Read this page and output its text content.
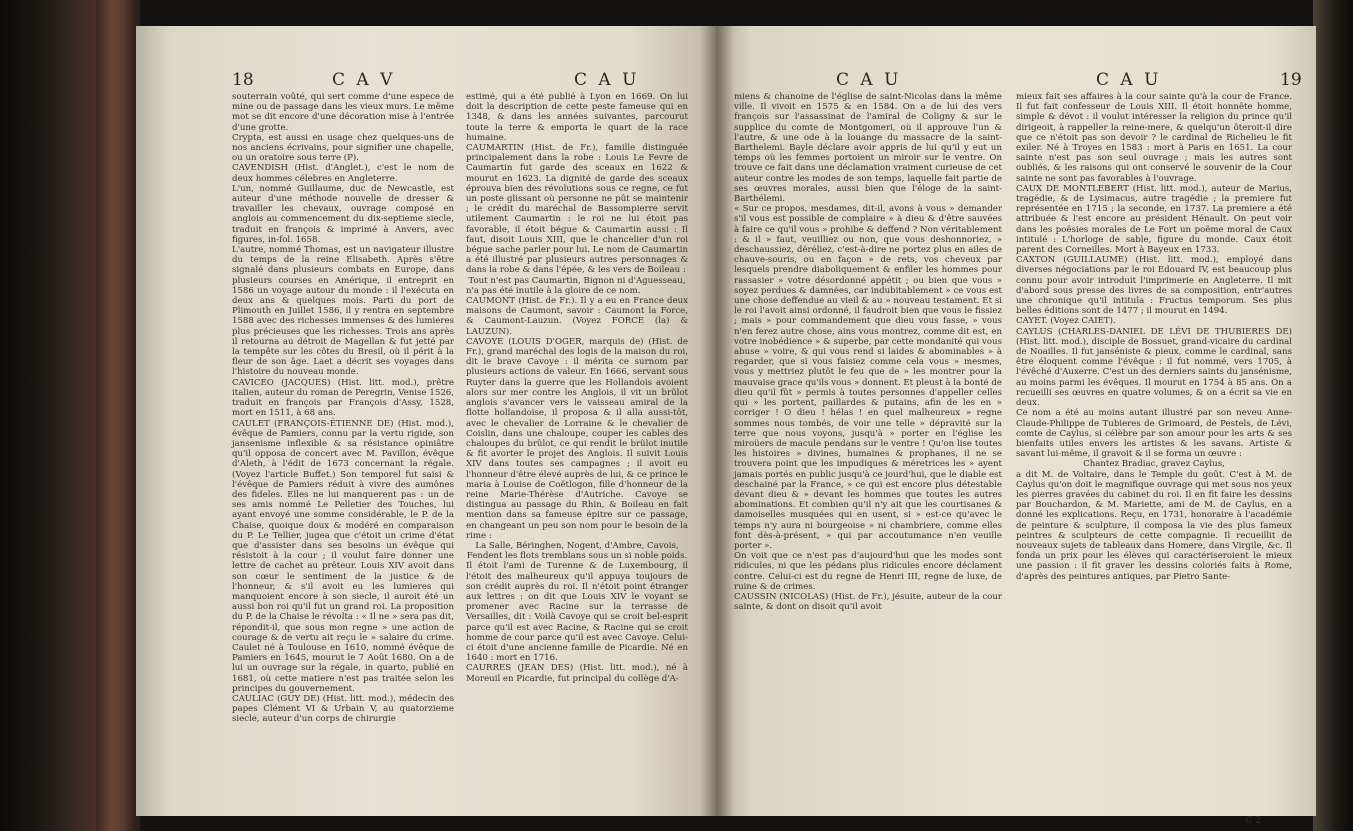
18	C A V	C A U

souterrain voûté, qui sert comme d'une espece de mine ou de passage dans les vieux murs. Le même mot se dit encore d'une décoration mise à l'entrée d'une grotte.

Crypta, est aussi en usage chez quelques-uns de nos anciens écrivains, pour signifier une chapelle, ou un oratoire sous terre (P).

CAVENDISH (Hist. d'Anglet.), c'est le nom de deux hommes célebres en Angleterre.

L'un, nommé Guillaume, duc de Newcastle, est auteur d'une méthode nouvelle de dresser & travailler les chevaux, ouvrage composé en anglois au commencement du dix-septieme siecle, traduit en françois & imprimé à Anvers, avec figures, in-fol. 1658.

L'autre, nommé Thomas, est un navigateur illustre du temps de la reine Elisabeth. Après s'être signalé dans plusieurs combats en Europe, dans plusieurs courses en Amérique, il entreprit en 1586 un voyage autour du monde : il l'exécuta en deux ans & quelques mois. Parti du port de Plimouth en Juillet 1586, il y rentra en septembre 1588 avec des richesses immenses & des lumieres plus précieuses que les richesses. Trois ans après il retourna au détroit de Magellan & fut jetté par la tempête sur les côtes du Bresil, où il périt à la fleur de son âge. Laet a décrit ses voyages dans l'histoire du nouveau monde.

CAVICEO (JACQUES) (Hist. litt. mod.), prêtre italien, auteur du roman de Peregrin, Venise 1526, traduit en françois par François d'Assy, 1528, mort en 1511, à 68 ans.

CAULET (FRANÇOIS-ÉTIENNE DE) (Hist. mod.), évêque de Pamiers, connu par la vertu rigide, son jansenisme inflexible & sa résistance opiniâtre qu'il opposa de concert avec M. Pavillon, évêque d'Aleth, à l'édit de 1673 concernant la régale. (Voyez l'article Buffet.) Son temporel fut saisi & l'évêque de Pamiers réduit à vivre des aumônes des fideles. Elles ne lui manquerent pas : un de ses amis nommé Le Pelletier des Touches, lui ayant envoyé une somme considérable, le P. de la Chaise, quoique doux & modéré en comparaison du P. Le Tellier, jugea que c'étoit un crime d'état que d'assister dans ses besoins un évêque qui résistoit à la cour ; il voulut faire donner une lettre de cachet au prêteur. Louis XIV avoit dans son cœur le sentiment de la justice & de l'honneur, & s'il avoit eu les lumieres qui manquoient encore à son siecle, il auroit été un aussi bon roi qu'il fut un grand roi. La proposition du P. de la Chaise le révolta : « Il ne » sera pas dit, répondit-il, que sous mon regne » une action de courage & de vertu ait reçu le » salaire du crime. Caulet né à Toulouse en 1610, nommé évêque de Pamiers en 1645, mourut le 7 Août 1680. On a de lui un ouvrage sur la régale, in quarto, publié en 1681, où cette matiere n'est pas traitée selon les principes du gouvernement.

CAULIAC (GUY DE) (Hist. litt. mod.), médecin des papes Clément VI & Urbain V, au quatorzieme siecle, auteur d'un corps de chirurgie

estimé, qui a été publié à Lyon en 1669. On lui doit la description de cette peste fameuse qui en 1348, & dans les années suivantes, parcourut toute la terre & emporta le quart de la race humaine.

CAUMARTIN (Hist. de Fr.), famille distinguée principalement dans la robe : Louis Le Fevre de Caumartin fut garde des sceaux en 1622 & mourut en 1623. La dignité de garde des sceaux éprouva bien des révolutions sous ce regne, ce fut un poste glissant où personne ne pût se maintenir ; le crédit du maréchal de Bassompierre servit utilement Caumartin : le roi ne lui étoit pas favorable, il étoit bégue & Caumartin aussi : Il faut, disoit Louis XIII, que le chancelier d'un roi bégue sache parler pour lui. Le nom de Caumartin a été illustré par plusieurs autres personnages & dans la robe & dans l'épée, & les vers de Boileau :

Tout n'est pas Caumartin, Bignon ni d'Aguesseau,

n'a pas été inutile à la gloire de ce nom.

CAUMONT (Hist. de Fr.). Il y a eu en France deux maisons de Caumont, savoir : Caumont la Force, & Caumont-Lauzun. (Voyez FORCE (la) & LAUZUN).

CAVOYE (LOUIS D'OGER, marquis de) (Hist. de Fr.), grand maréchal des logis de la maison du roi, dit le brave Cavoye : il mérita ce surnom par plusieurs actions de valeur. En 1666, servant sous Ruyter dans la guerre que les Hollandois avoient alors sur mer contre les Anglois, il vit un brûlot anglois s'avancer vers le vaisseau amiral de la flotte hollandoise, il proposa & il alla aussi-tôt, avec le chevalier de Lorraine & le chevalier de Coislin, dans une chaloupe, couper les cables des chaloupes du brûlot, ce qui rendit le brûlot inutile & fit avorter le projet des Anglois. Il suivit Louis XIV dans toutes ses campagnes ; il avoit eu l'honneur d'être élevé auprès de lui, & ce prince le maria à Louise de Coëtlogon, fille d'honneur de la reine Marie-Thérèse d'Autriche. Cavoye se distingua au passage du Rhin, & Boileau en fait mention dans sa fameuse épitre sur ce passage, en changeant un peu son nom pour le besoin de la rime :

La Salle, Béringhen, Nogent, d'Ambre, Cavois, Fendent les flots tremblans sous un si noble poids.

Il étoit l'ami de Turenne & de Luxembourg, il l'étoit des malheureux qu'il appuya toujours de son crédit auprès du roi. Il n'étoit point étranger aux lettres : on dit que Louis XIV le voyant se promener avec Racine sur la terrasse de Versailles, dit : Voilà Cavoye qui se croit bel-esprit parce qu'il est avec Racine, & Racine qui se croit homme de cour parce qu'il est avec Cavoye. Celui-ci étoit d'une ancienne famille de Picardie. Né en 1640 : mort en 1716.

CAURRES (JEAN DES) (Hist. litt. mod.), né à Moreuil en Picardie, fut principal du collège d'A-

C A U	C A U	19

miens & chanoine de l'église de saint-Nicolas dans la même ville. Il vivoit en 1575 & en 1584. On a de lui des vers françois sur l'assassinat de l'amiral de Coligny & sur le supplice du comte de Montgomeri, où il approuve l'un & l'autre, & une ode à la louange du massacre de la saint-Barthelemi. Bayle déclare avoir appris de lui qu'il y eut un temps où les femmes portoient un miroir sur le ventre. On trouve ce fait dans une déclamation vraiment curieuse de cet auteur contre les modes de son temps, laquelle fait partie de ses œuvres morales, aussi bien que l'éloge de la saint-Barthélemi.

« Sur ce propos, mesdames, dit-il, avons à vous » demander s'il vous est possible de complaire » à dieu & d'être sauvées à faire ce qu'il vous » prohibe & deffend ? Non véritablement : & il » faut, veuilliez ou non, que vous deshonnoriez, » deschaussiez, déréliez, c'est-à-dire ne portez plus en ailes de chauve-souris, ou en façon » de rets, vos cheveux par lesquels prendre diaboliquement & enfiler les hommes pour rassasier » votre désordonné appétit ; ou bien que vous » soyez perdues & damnées, car indubitablement » ce vous est une chose deffendue au vieil & au » nouveau testament. Et si le roi l'avoit ainsi ordonné, il faudroit bien que vous le fissiez ; mais » pour commandement que dieu vous fasse, » vous n'en ferez autre chose, ains vous montrez, comme dit est, en votre inobédience » & superbe, par cette mondanité qui vous abuse » voire, & qui vous rend si laides & abominables » à regarder, que si vous faisiez comme cela vous » mesmes, vous y mettriez plutôt le feu que de » les montrer pour la mauvaise grace qu'ils vous » donnent. Et pleust à la bonté de dieu qu'il fût » permis à toutes personnes d'appeller celles qui » les portent, paillardes & putains, afin de les en » corriger ! O dieu ! hélas ! en quel malheureux » regne sommes nous tombés, de voir une telle » dépravité sur la terre que nous voyons, jusqu'à » porter en l'église les miroüers de macule pendans sur le ventre ! Qu'on lise toutes les histoires » divines, humaines & prophanes, il ne se trouvera point que les impudiques & méretrices les » ayent jamais portés en public jusqu'à ce jourd'hui, que le diable est deschainé par la France, » ce qui est encore plus détestable devant dieu & » devant les hommes que toutes les autres abominations. Et combien qu'il n'y ait que les courtisanes & damoiselles musquées qui en usent, si » est-ce qu'avec le temps n'y aura ni bourgeoise » ni chambriere, comme elles font dès-à-présent, » qui par accoutumance n'en veuille porter ».

On voit que ce n'est pas d'aujourd'hui que les modes sont ridicules, ni que les pédans plus ridicules encore déclament contre. Celui-ci est du regne de Henri III, regne de luxe, de ruine & de crimes.

CAUSSIN (NICOLAS) (Hist. de Fr.), jésuite, auteur de la cour sainte, & dont on disoit qu'il avoit

mieux fait ses affaires à la cour sainte qu'à la cour de France. Il fut fait confesseur de Louis XIII. Il étoit honnête homme, simple & dévot : il voulut intéresser la religion du prince qu'il dirigeoit, à rappeller la reine-mere, & quelqu'un ôteroit-il dire que ce n'étoit pas son devoir ? le cardinal de Richelieu le fit exiler. Né à Troyes en 1583 : mort à Paris en 1651. La cour sainte n'est pas son seul ouvrage ; mais les autres sont oubliés, & les raisons qui ont conservé le souvenir de la Cour sainte ne sont pas favorables à l'ouvrage.

CAUX DE MONTLEBERT (Hist. litt. mod.), auteur de Marius, tragédie, & de Lysimacus, autre tragédie ; la premiere fut représentée en 1715 ; la seconde, en 1737. La premiere a été attribuée & l'est encore au président Hénault. On peut voir dans les poësies morales de Le Fort un poëme moral de Caux intitulé : L'horloge de sable, figure du monde. Caux étoit parent des Corneilles. Mort à Bayeux en 1733.

CAXTON (GUILLAUME) (Hist. litt. mod.), employé dans diverses négociations par le roi Edouard IV, est beaucoup plus connu pour avoir introduit l'imprimerie en Angleterre. Il mit d'abord sous presse des livres de sa composition, entr'autres une chronique qu'il intitula : Fructus temporum. Ses plus belles éditions sont de 1477 ; il mourut en 1494.

CAYET. (Voyez CAIET).

CAYLUS (CHARLES-DANIEL DE LÉVI DE THUBIERES DE) (Hist. litt. mod.), disciple de Bossuet, grand-vicaire du cardinal de Noailles. Il fut janséniste & pieux, comme le cardinal, sans être éloquent comme l'évêque : il fut nommé, vers 1705, à l'évêché d'Auxerre. C'est un des derniers saints du jansénisme, au moins parmi les évêques. Il mourut en 1754 à 85 ans. On a recueilli ses œuvres en quatre volumes, & on a écrit sa vie en deux.

Ce nom a été au moins autant illustré par son neveu Anne-Claude-Philippe de Tubieres de Grimoard, de Pestels, de Lévi, comte de Caylus, si célèbre par son amour pour les arts & ses bienfaits utiles envers les artistes & les savans. Artiste & savant lui-même, il gravoit & il se forma un œuvre :

Chantez Bradiac, gravez Caylus,

a dit M. de Voltaire, dans le Temple du goût. C'est à M. de Caylus qu'on doit le magnifique ouvrage qui met sous nos yeux les pierres gravées du cabinet du roi. Il en fit faire les dessins par Bouchardon, & M. Mariette, ami de M. de Caylus, en a donné les explications. Reçu, en 1731, honoraire à l'académie de peinture & sculpture, il composa la vie des plus fameux peintres & sculpteurs de cette compagnie. Il recueillit de nouveaux sujets de tableaux dans Homere, dans Virgile, &c. Il fonda un prix pour les élèves qui caractériseroient le mieux une passion : il fit graver les dessins coloriés faits à Rome, d'après des peintures antiques, par Pietro Sante-

C 2
